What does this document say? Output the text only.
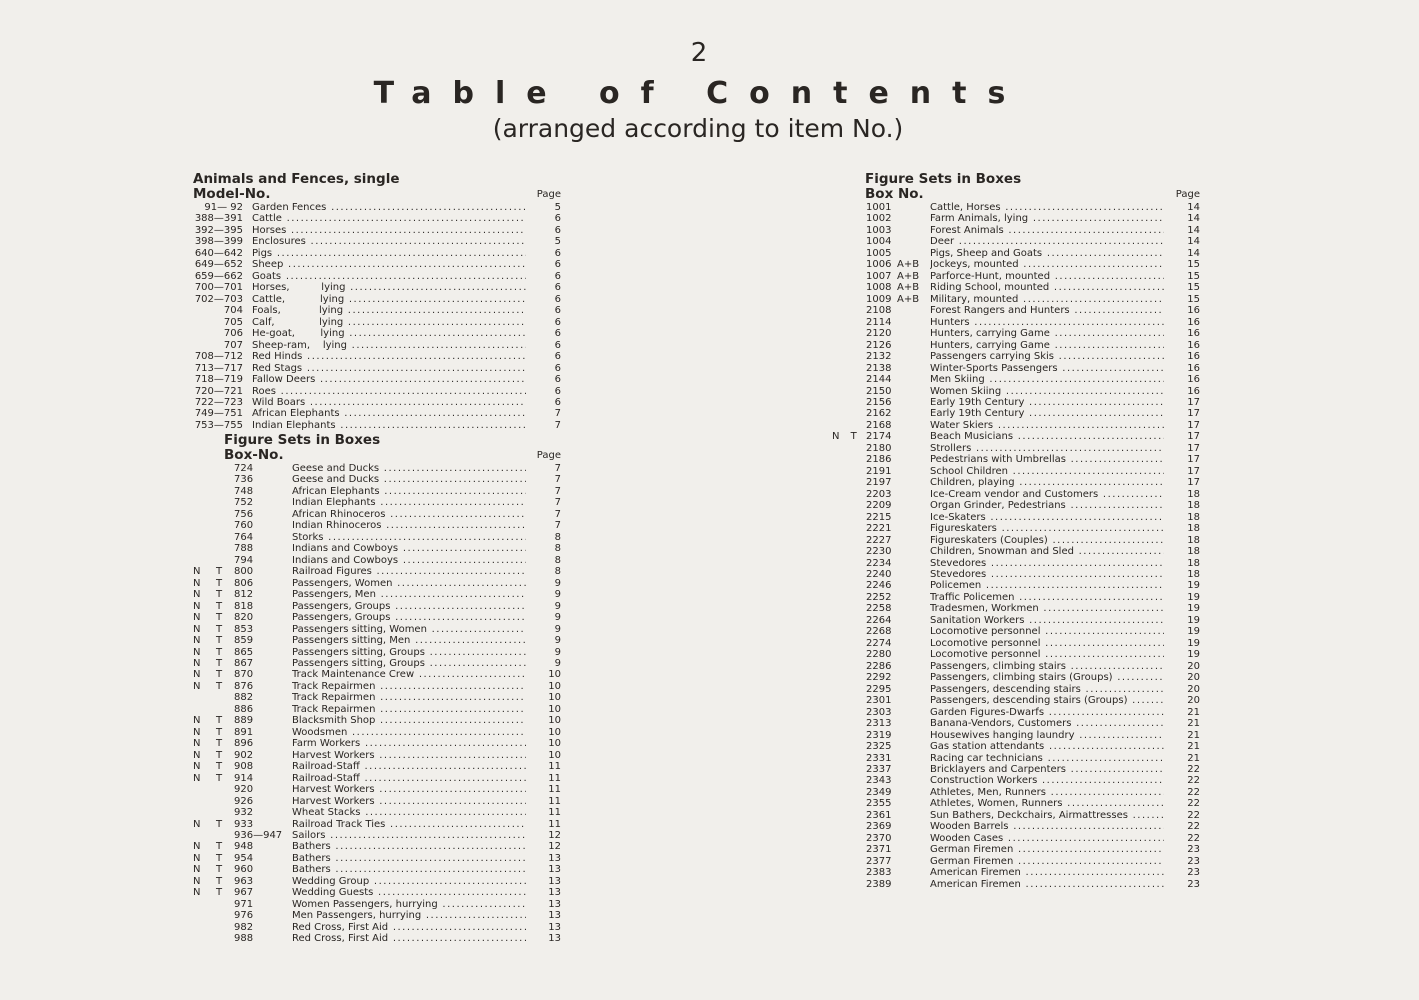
2
Table of Contents
(arranged according to item No.)
Animals and Fences, single
Model-No.	Page
91— 92 Garden Fences .....	5
388—391 Cattle .....	6
392—395 Horses .....	6
398—399 Enclosures .....	5
640—642 Pigs .....	6
649—652 Sheep .....	6
659—662 Goats .....	6
700—701 Horses,          lying .....	6
702—703 Cattle,           lying .....	6
704 Foals,            lying .....	6
705 Calf,              lying .....	6
706 He-goat,        lying .....	6
707 Sheep-ram,    lying .....	6
708—712 Red Hinds .....	6
713—717 Red Stags .....	6
718—719 Fallow Deers .....	6
720—721 Roes .....	6
722—723 Wild Boars .....	6
749—751 African Elephants .....	7
753—755 Indian Elephants .....	7
Figure Sets in Boxes
Box-No.	Page
724	Geese and Ducks .....	7
736	Geese and Ducks .....	7
748	African Elephants .....	7
752	Indian Elephants .....	7
756	African Rhinoceros .....	7
760	Indian Rhinoceros .....	7
764	Storks .....	8
788	Indians and Cowboys .....	8
794	Indians and Cowboys .....	8
N T 800	Railroad Figures .....	8
N T 806	Passengers, Women .....	9
N T 812	Passengers, Men .....	9
N T 818	Passengers, Groups .....	9
N T 820	Passengers, Groups .....	9
N T 853	Passengers sitting, Women .....	9
N T 859	Passengers sitting, Men .....	9
N T 865	Passengers sitting, Groups .....	9
N T 867	Passengers sitting, Groups .....	9
N T 870	Track Maintenance Crew .....	10
N T 876	Track Repairmen .....	10
882	Track Repairmen .....	10
886	Track Repairmen .....	10
N T 889	Blacksmith Shop .....	10
N T 891	Woodsmen .....	10
N T 896	Farm Workers .....	10
N T 902	Harvest Workers .....	10
N T 908	Railroad-Staff .....	11
N T 914	Railroad-Staff .....	11
920	Harvest Workers .....	11
926	Harvest Workers .....	11
932	Wheat Stacks .....	11
N T 933	Railroad Track Ties .....	11
936—947 Sailors .....	12
N T 948	Bathers .....	12
N T 954	Bathers .....	13
N T 960	Bathers .....	13
N T 963	Wedding Group .....	13
N T 967	Wedding Guests .....	13
971	Women Passengers, hurrying .....	13
976	Men Passengers, hurrying .....	13
982	Red Cross, First Aid .....	13
988	Red Cross, First Aid .....	13
Figure Sets in Boxes
Box No.	Page
1001	Cattle, Horses .....	14
1002	Farm Animals, lying .....	14
1003	Forest Animals .....	14
1004	Deer .....	14
1005	Pigs, Sheep and Goats .....	14
1006 A+B Jockeys, mounted .....	15
1007 A+B Parforce-Hunt, mounted .....	15
1008 A+B Riding School, mounted .....	15
1009 A+B Military, mounted .....	15
2108	Forest Rangers and Hunters .....	16
2114	Hunters .....	16
2120	Hunters, carrying Game .....	16
2126	Hunters, carrying Game .....	16
2132	Passengers carrying Skis .....	16
2138	Winter-Sports Passengers .....	16
2144	Men Skiing .....	16
2150	Women Skiing .....	16
2156	Early 19th Century .....	17
2162	Early 19th Century .....	17
2168	Water Skiers .....	17
N T 2174	Beach Musicians .....	17
2180	Strollers .....	17
2186	Pedestrians with Umbrellas .....	17
2191	School Children .....	17
2197	Children, playing .....	17
2203	Ice-Cream vendor and Customers .....	18
2209	Organ Grinder, Pedestrians .....	18
2215	Ice-Skaters .....	18
2221	Figureskaters .....	18
2227	Figureskaters (Couples) .....	18
2230	Children, Snowman and Sled .....	18
2234	Stevedores .....	18
2240	Stevedores .....	18
2246	Policemen .....	19
2252	Traffic Policemen .....	19
2258	Tradesmen, Workmen .....	19
2264	Sanitation Workers .....	19
2268	Locomotive personnel .....	19
2274	Locomotive personnel .....	19
2280	Locomotive personnel .....	19
2286	Passengers, climbing stairs .....	20
2292	Passengers, climbing stairs (Groups) .....	20
2295	Passengers, descending stairs .....	20
2301	Passengers, descending stairs (Groups) .....	20
2303	Garden Figures-Dwarfs .....	21
2313	Banana-Vendors, Customers .....	21
2319	Housewives hanging laundry .....	21
2325	Gas station attendants .....	21
2331	Racing car technicians .....	21
2337	Bricklayers and Carpenters .....	22
2343	Construction Workers .....	22
2349	Athletes, Men, Runners .....	22
2355	Athletes, Women, Runners .....	22
2361	Sun Bathers, Deckchairs, Airmattresses .....	22
2369	Wooden Barrels .....	22
2370	Wooden Cases .....	22
2371	German Firemen .....	23
2377	German Firemen .....	23
2383	American Firemen .....	23
2389	American Firemen .....	23
